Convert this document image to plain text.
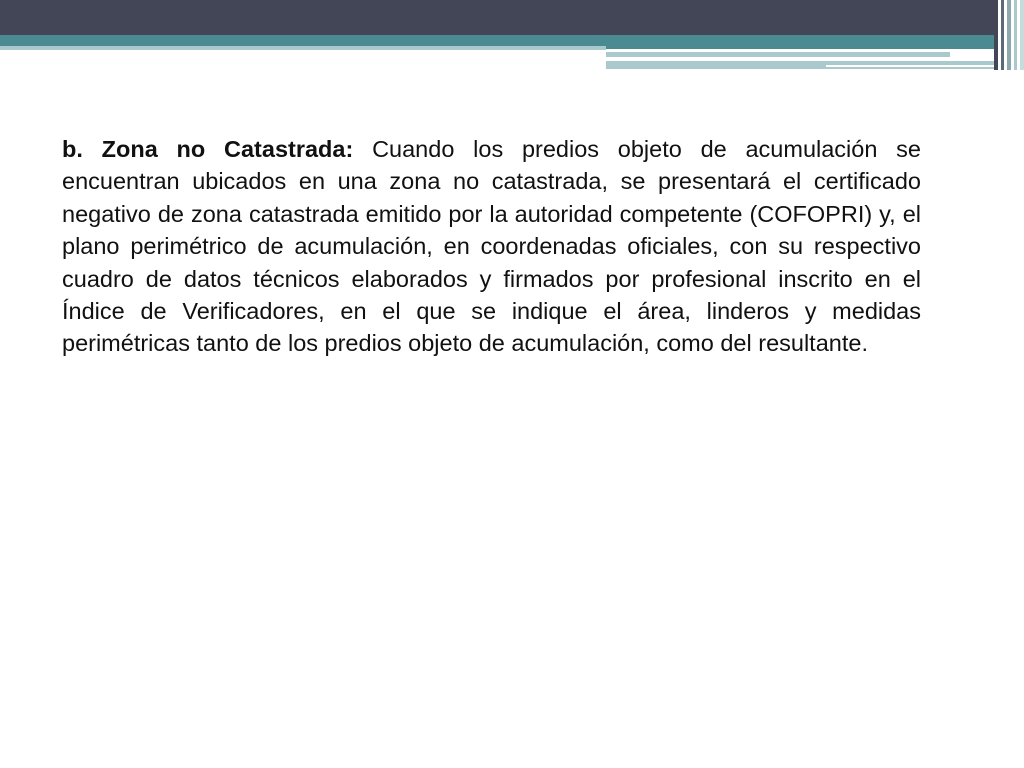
b. Zona no Catastrada: Cuando los predios objeto de acumulación se encuentran ubicados en una zona no catastrada, se presentará el certificado negativo de zona catastrada emitido por la autoridad competente (COFOPRI) y, el plano perimétrico de acumulación, en coordenadas oficiales, con su respectivo cuadro de datos técnicos elaborados y firmados por profesional inscrito en el Índice de Verificadores, en el que se indique el área, linderos y medidas perimétricas tanto de los predios objeto de acumulación, como del resultante.
